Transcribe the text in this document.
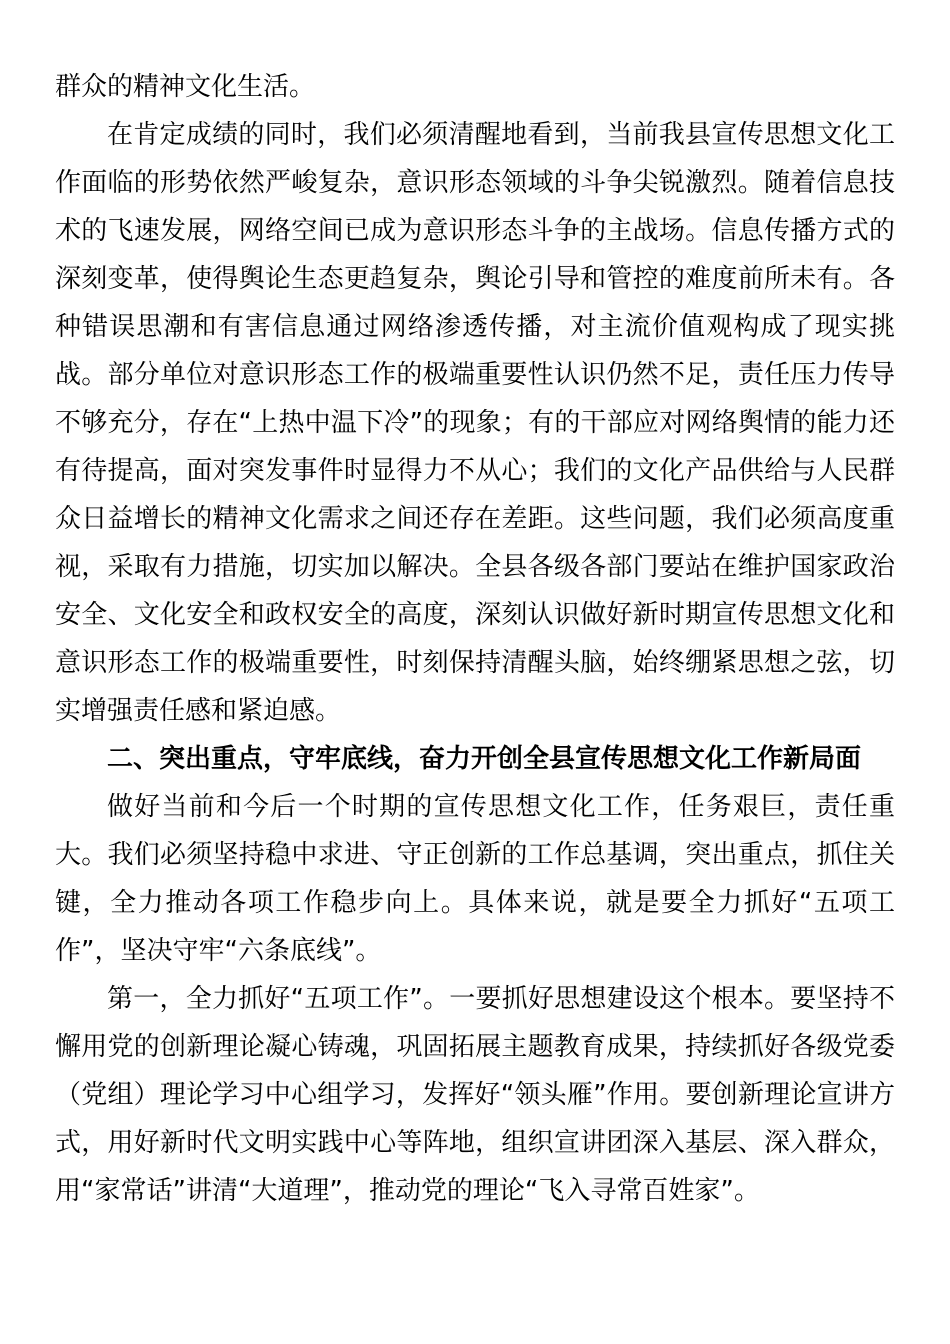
群众的精神文化生活。

在肯定成绩的同时，我们必须清醒地看到，当前我县宣传思想文化工作面临的形势依然严峻复杂，意识形态领域的斗争尖锐激烈。随着信息技术的飞速发展，网络空间已成为意识形态斗争的主战场。信息传播方式的深刻变革，使得舆论生态更趋复杂，舆论引导和管控的难度前所未有。各种错误思潮和有害信息通过网络渗透传播，对主流价值观构成了现实挑战。部分单位对意识形态工作的极端重要性认识仍然不足，责任压力传导不够充分，存在“上热中温下冷”的现象；有的干部应对网络舆情的能力还有待提高，面对突发事件时显得力不从心；我们的文化产品供给与人民群众日益增长的精神文化需求之间还存在差距。这些问题，我们必须高度重视，采取有力措施，切实加以解决。全县各级各部门要站在维护国家政治安全、文化安全和政权安全的高度，深刻认识做好新时期宣传思想文化和意识形态工作的极端重要性，时刻保持清醒头脑，始终绷紧思想之弦，切实增强责任感和紧迫感。

二、突出重点，守牢底线，奋力开创全县宣传思想文化工作新局面

做好当前和今后一个时期的宣传思想文化工作，任务艰巨，责任重大。我们必须坚持稳中求进、守正创新的工作总基调，突出重点，抓住关键，全力推动各项工作稳步向上。具体来说，就是要全力抓好“五项工作”，坚决守牢“六条底线”。

第一，全力抓好“五项工作”。一要抓好思想建设这个根本。要坚持不懈用党的创新理论凝心铸魂，巩固拓展主题教育成果，持续抓好各级党委（党组）理论学习中心组学习，发挥好“领头雁”作用。要创新理论宣讲方式，用好新时代文明实践中心等阵地，组织宣讲团深入基层、深入群众，用“家常话”讲清“大道理”，推动党的理论“飞入寻常百姓家”。
